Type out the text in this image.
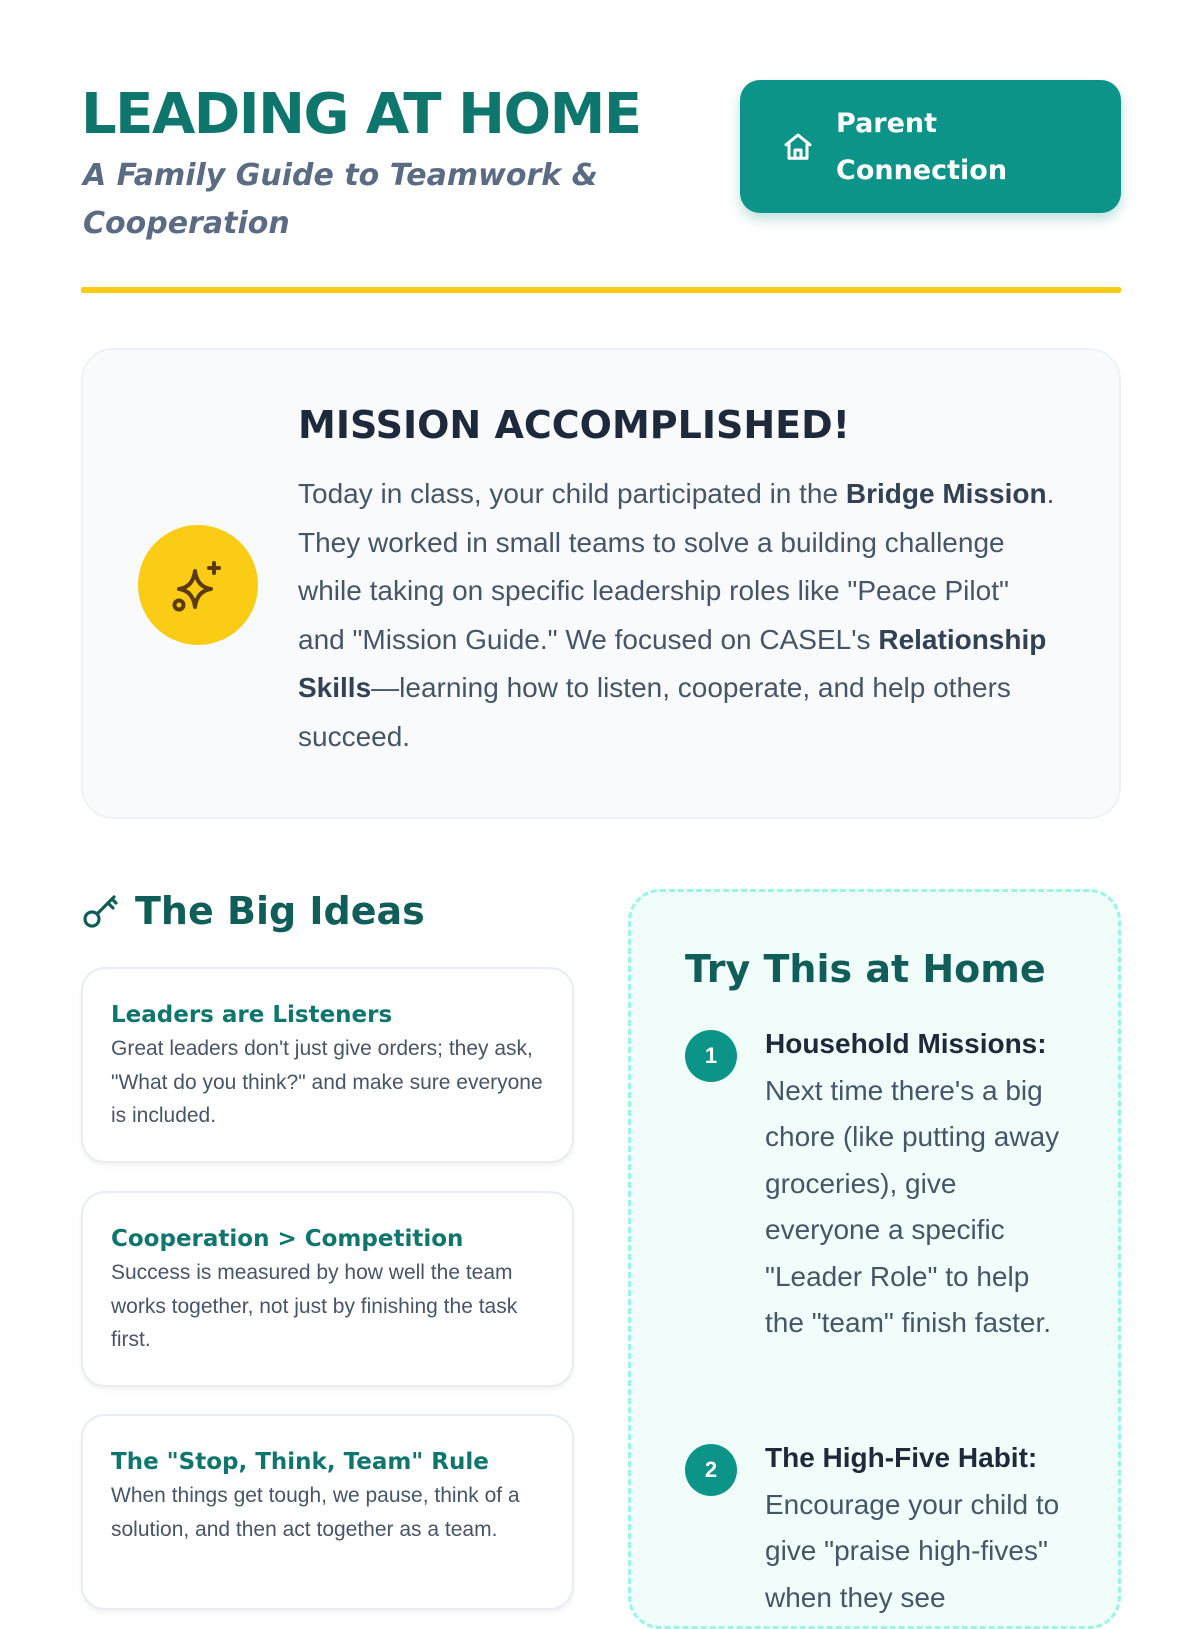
LEADING AT HOME

A Family Guide to Teamwork & Cooperation

Parent
Connection
MISSION ACCOMPLISHED!

Today in class, your child participated in the Bridge Mission. They worked in small teams to solve a building challenge while taking on specific leadership roles like "Peace Pilot" and "Mission Guide." We focused on CASEL's Relationship Skills—learning how to listen, cooperate, and help others succeed.

The Big Ideas

Leaders are Listeners

Great leaders don't just give orders; they ask, "What do you think?" and make sure everyone is included.

Cooperation > Competition

Success is measured by how well the team works together, not just by finishing the task first.

The "Stop, Think, Team" Rule

When things get tough, we pause, think of a solution, and then act together as a team.

Try This at Home
1	Household Missions: Next time there's a big chore (like putting away groceries), give everyone a specific "Leader Role" to help the "team" finish faster.

2	The High-Five Habit: Encourage your child to give "praise high-fives" when they see
